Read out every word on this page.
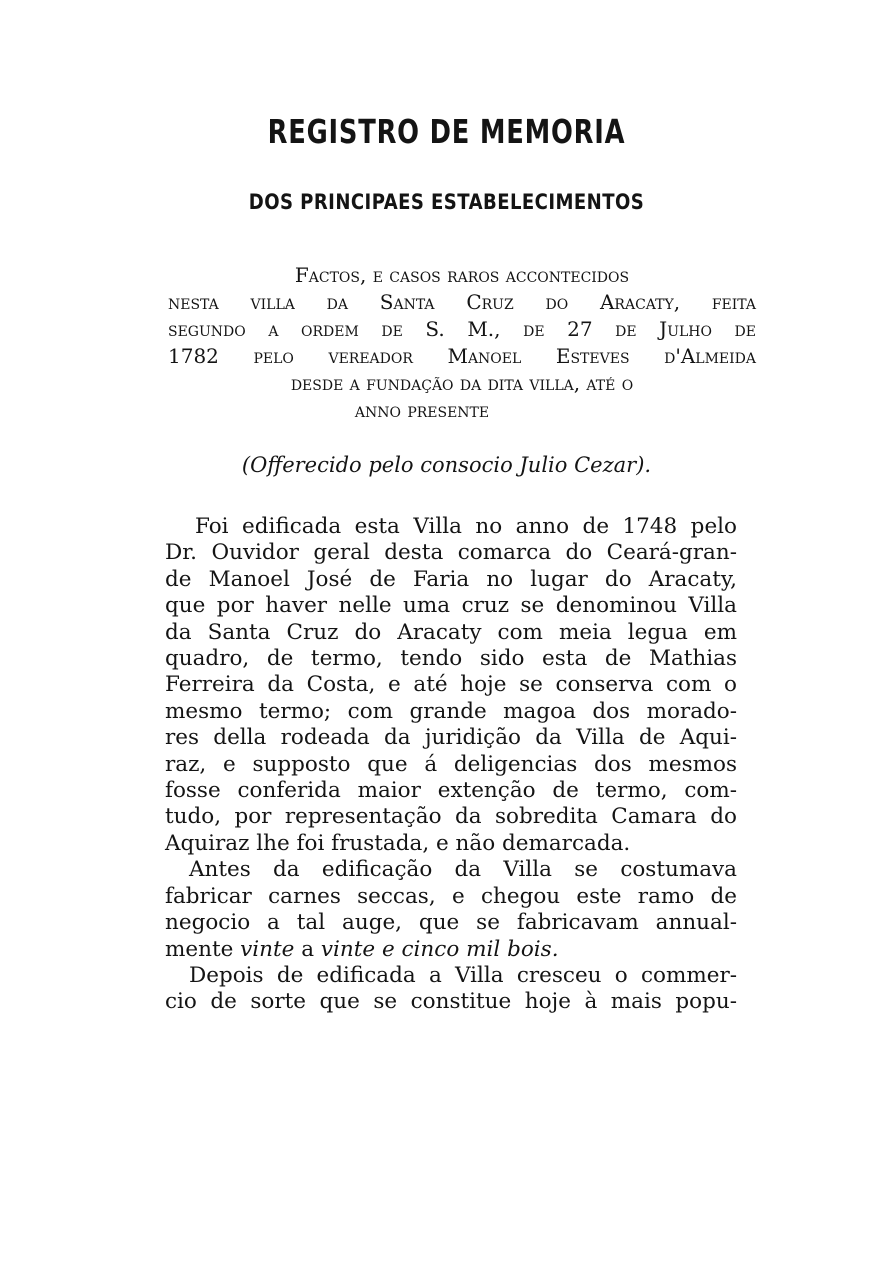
REGISTRO DE MEMORIA
DOS PRINCIPAES ESTABELECIMENTOS
Factos, e casos raros acconteсidos
nesta villa da Santa Cruz do Aracaty, feita
segundo a ordem de S. M., de 27 de Julho de
1782 pelo vereador Manoel Esteves d'Almeida
desde a fundação da dita villa, até o
anno presente
(Offerecido pelo consocio Julio Cezar).
Foi edificada esta Villa no anno de 1748 pelo
Dr. Ouvidor geral desta comarca do Ceará-gran-
de Manoel José de Faria no lugar do Aracaty,
que por haver nelle uma cruz se denominou Villa
da Santa Cruz do Aracaty com meia legua em
quadro, de termo, tendo sido esta de Mathias
Ferreira da Costa, e até hoje se conserva com o
mesmo termo; com grande magoa dos morado-
res della rodeada da juridição da Villa de Aqui-
raz, e supposto que á deligencias dos mesmos
fosse conferida maior extenção de termo, com-
tudo, por representação da sobredita Camara do
Aquiraz lhe foi frustada, e não demarcada.
Antes da edificação da Villa se costumava
fabricar carnes seccas, e chegou este ramo de
negocio a tal auge, que se fabricavam annual-
mente vinte a vinte e cinco mil bois.
Depois de edificada a Villa cresceu o commer-
cio de sorte que se constitue hoje à mais popu-
